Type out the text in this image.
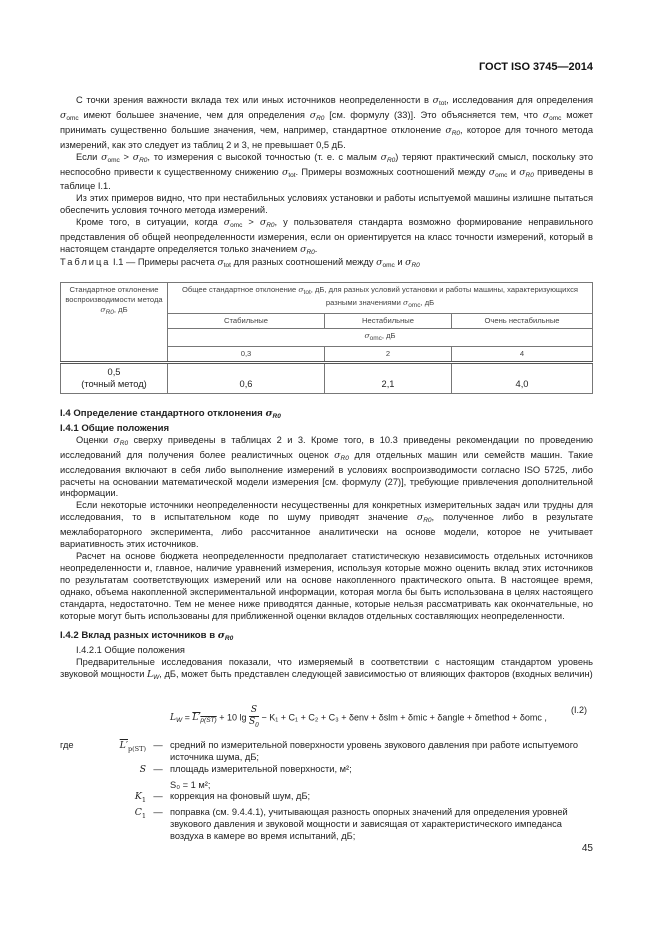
ГОСТ ISO 3745—2014

С точки зрения важности вклада тех или иных источников неопределенности в $\sigma_{tot}$, исследования для определения $\sigma_{omc}$ имеют большее значение, чем для определения $\sigma_{R0}$ [см. формулу (33)]. Это объясняется тем, что $\sigma_{omc}$ может принимать существенно большие значения, чем, например, стандартное отклонение $\sigma_{R0}$, которое для точного метода измерений, как это следует из таблиц 2 и 3, не превышает 0,5 дБ.

Если $\sigma_{omc} > \sigma_{R0}$, то измерения с высокой точностью (т. е. с малым $\sigma_{R0}$) теряют практический смысл, поскольку это неспособно привести к существенному снижению $\sigma_{tot}$. Примеры возможных соотношений между $\sigma_{omc}$ и $\sigma_{R0}$ приведены в таблице I.1.

Из этих примеров видно, что при нестабильных условиях установки и работы испытуемой машины излишне пытаться обеспечить условия точного метода измерений.

Кроме того, в ситуации, когда $\sigma_{omc} > \sigma_{R0}$, у пользователя стандарта возможно формирование неправильного представления об общей неопределенности измерения, если он ориентируется на класс точности измерений, который в настоящем стандарте определяется только значением $\sigma_{R0}$.

Таблица I.1 — Примеры расчета $\sigma_{tot}$ для разных соотношений между $\sigma_{omc}$ и $\sigma_{R0}$
Стандартное отклонение воспроизводимости метода $\sigma_{R0}$, дБ	Общее стандартное отклонение $\sigma_{tot}$, дБ, для разных условий установки и работы машины, характеризующихся разными значениями $\sigma_{omc}$, дБ		
	Стабильные	Нестабильные	Очень нестабильные
	$\sigma_{omc}$, дБ		
	0,3	2	4

0,5
(точный метод)	0,6	2,1	4,0

I.4 Определение стандартного отклонения $\sigma_{R0}$

I.4.1 Общие положения

Оценки $\sigma_{R0}$ сверху приведены в таблицах 2 и 3. Кроме того, в 10.3 приведены рекомендации по проведению исследований для получения более реалистичных оценок $\sigma_{R0}$ для отдельных машин или семейств машин. Такие исследования включают в себя либо выполнение измерений в условиях воспроизводимости согласно ISO 5725, либо расчеты на основании математической модели измерения [см. формулу (27)], требующие привлечения дополнительной информации.

Если некоторые источники неопределенности несущественны для конкретных измерительных задач или трудны для исследования, то в испытательном коде по шуму приводят значение $\sigma_{R0}$, полученное либо в результате межлабораторного эксперимента, либо рассчитанное аналитически на основе модели, которое не учитывает вариативность этих источников.

Расчет на основе бюджета неопределенности предполагает статистическую независимость отдельных источников неопределенности и, главное, наличие уравнений измерения, используя которые можно оценить вклад этих источников по результатам соответствующих измерений или на основе накопленного практического опыта. В настоящее время, однако, объема накопленной экспериментальной информации, которая могла бы быть использована в целях настоящего стандарта, недостаточно. Тем не менее ниже приводятся данные, которые нельзя рассматривать как окончательные, но которые могут быть использованы для приближенной оценки вкладов отдельных составляющих неопределенности.

I.4.2 Вклад разных источников в $\sigma_{R0}$

I.4.2.1 Общие положения

Предварительные исследования показали, что измеряемый в соответствии с настоящим стандартом уровень звуковой мощности $L_W$, дБ, может быть представлен следующей зависимостью от влияющих факторов (входных величин)

$L_W = L'_{p(ST)} + 10$ $\lg \frac{S}{S_0} - K_1 + C_1 + C_2 + C_3 + \delta env + \delta slm + \delta mic$ + δangle + δmethod + δomc ,
(I.2)
где	$L'_{p(ST)}$ — средний по измерительной поверхности уровень звукового давления при работе испытуемого источника шума, дБ;
S — площадь измерительной поверхности, м²;
S₀ = 1 м²;
$K_1$ — коррекция на фоновый шум, дБ;
$C_1$ — поправка (см. 9.4.4.1), учитывающая разность опорных значений для определения уровней звукового давления и звуковой мощности и зависящая от характеристического импеданса воздуха в камере во время испытаний, дБ;
45
